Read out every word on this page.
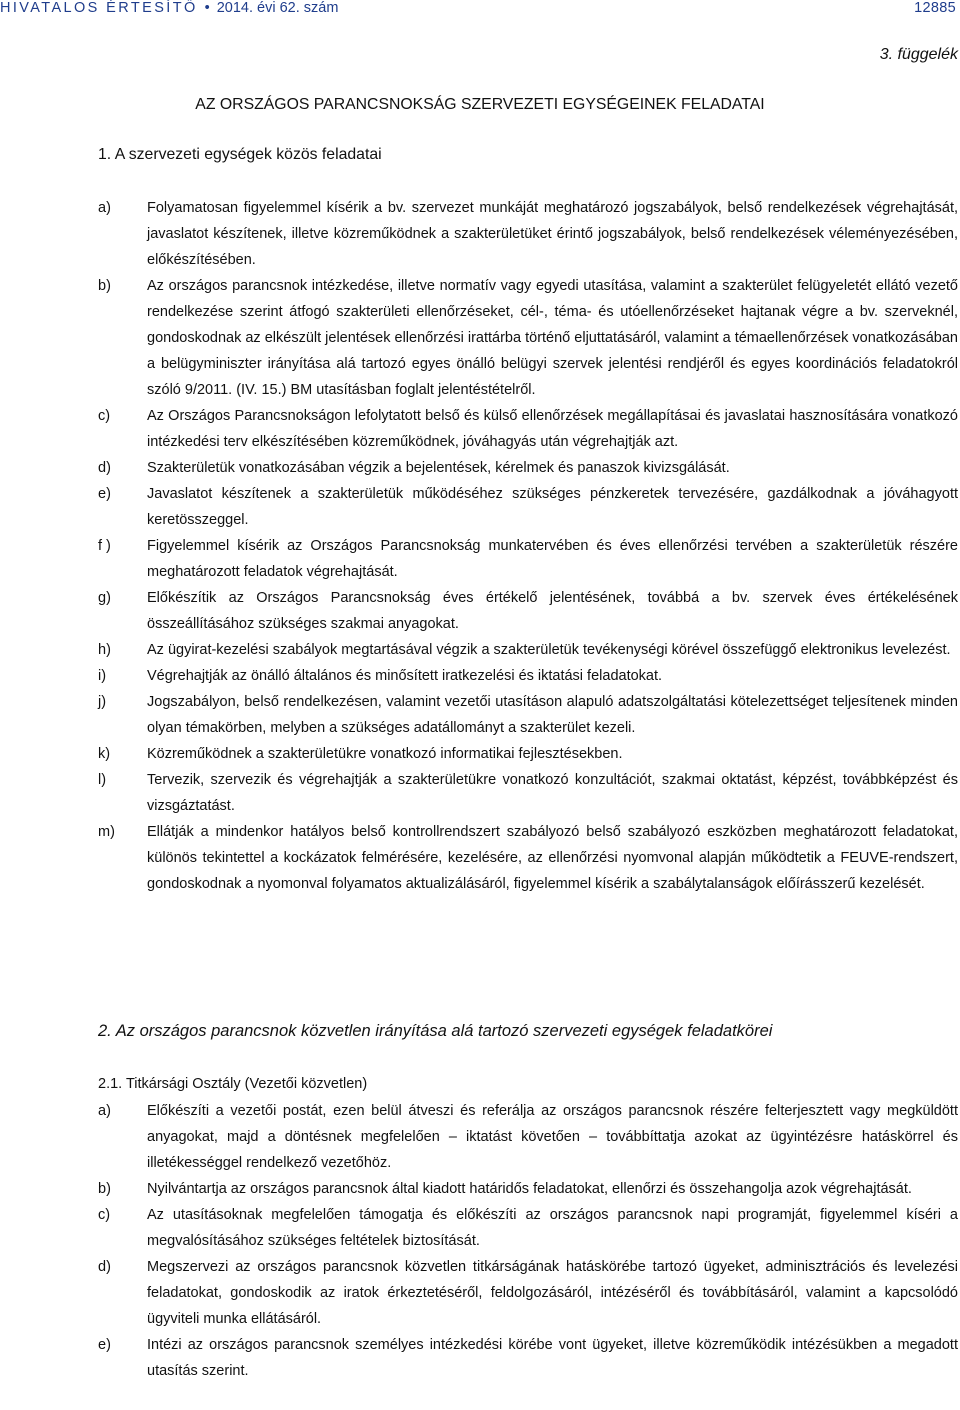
HIVATALOS ÉRTESÍTŐ • 2014. évi 62. szám	12885
3. függelék
AZ ORSZÁGOS PARANCSNOKSÁG SZERVEZETI EGYSÉGEINEK FELADATAI
1. A szervezeti egységek közös feladatai
a)	Folyamatosan figyelemmel kísérik a bv. szervezet munkáját meghatározó jogszabályok, belső rendelkezések végrehajtását, javaslatot készítenek, illetve közreműködnek a szakterületüket érintő jogszabályok, belső rendelkezések véleményezésében, előkészítésében.
b)	Az országos parancsnok intézkedése, illetve normatív vagy egyedi utasítása, valamint a szakterület felügyeletét ellátó vezető rendelkezése szerint átfogó szakterületi ellenőrzéseket, cél-, téma- és utóellenőrzéseket hajtanak végre a bv. szerveknél, gondoskodnak az elkészült jelentések ellenőrzési irattárba történő eljuttatásáról, valamint a témaellenőrzések vonatkozásában a belügyminiszter irányítása alá tartozó egyes önálló belügyi szervek jelentési rendjéről és egyes koordinációs feladatokról szóló 9/2011. (IV. 15.) BM utasításban foglalt jelentéstételről.
c)	Az Országos Parancsnokságon lefolytatott belső és külső ellenőrzések megállapításai és javaslatai hasznosítására vonatkozó intézkedési terv elkészítésében közreműködnek, jóváhagyás után végrehajtják azt.
d)	Szakterületük vonatkozásában végzik a bejelentések, kérelmek és panaszok kivizsgálását.
e)	Javaslatot készítenek a szakterületük működéséhez szükséges pénzkeretek tervezésére, gazdálkodnak a jóváhagyott keretösszeggel.
f )	Figyelemmel kísérik az Országos Parancsnokság munkatervében és éves ellenőrzési tervében a szakterületük részére meghatározott feladatok végrehajtását.
g)	Előkészítik az Országos Parancsnokság éves értékelő jelentésének, továbbá a bv. szervek éves értékelésének összeállításához szükséges szakmai anyagokat.
h)	Az ügyirat-kezelési szabályok megtartásával végzik a szakterületük tevékenységi körével összefüggő elektronikus levelezést.
i)	Végrehajtják az önálló általános és minősített iratkezelési és iktatási feladatokat.
j)	Jogszabályon, belső rendelkezésen, valamint vezetői utasításon alapuló adatszolgáltatási kötelezettséget teljesítenek minden olyan témakörben, melyben a szükséges adatállományt a szakterület kezeli.
k)	Közreműködnek a szakterületükre vonatkozó informatikai fejlesztésekben.
l)	Tervezik, szervezik és végrehajtják a szakterületükre vonatkozó konzultációt, szakmai oktatást, képzést, továbbképzést és vizsgáztatást.
m)	Ellátják a mindenkor hatályos belső kontrollrendszert szabályozó belső szabályozó eszközben meghatározott feladatokat, különös tekintettel a kockázatok felmérésére, kezelésére, az ellenőrzési nyomvonal alapján működtetik a FEUVE-rendszert, gondoskodnak a nyomonval folyamatos aktualizálásáról, figyelemmel kísérik a szabálytalanságok előírásszerű kezelését.
2. Az országos parancsnok közvetlen irányítása alá tartozó szervezeti egységek feladatkörei
2.1. Titkársági Osztály (Vezetői közvetlen)
a)	Előkészíti a vezetői postát, ezen belül átveszi és referálja az országos parancsnok részére felterjesztett vagy megküldött anyagokat, majd a döntésnek megfelelően – iktatást követően – továbbíttatja azokat az ügyintézésre hatáskörrel és illetékességgel rendelkező vezetőhöz.
b)	Nyilvántartja az országos parancsnok által kiadott határidős feladatokat, ellenőrzi és összehangolja azok végrehajtását.
c)	Az utasításoknak megfelelően támogatja és előkészíti az országos parancsnok napi programját, figyelemmel kíséri a megvalósításához szükséges feltételek biztosítását.
d)	Megszervezi az országos parancsnok közvetlen titkárságának hatáskörébe tartozó ügyeket, adminisztrációs és levelezési feladatokat, gondoskodik az iratok érkeztetéséről, feldolgozásáról, intézéséről és továbbításáról, valamint a kapcsolódó ügyviteli munka ellátásáról.
e)	Intézi az országos parancsnok személyes intézkedési körébe vont ügyeket, illetve közreműködik intézésükben a megadott utasítás szerint.
